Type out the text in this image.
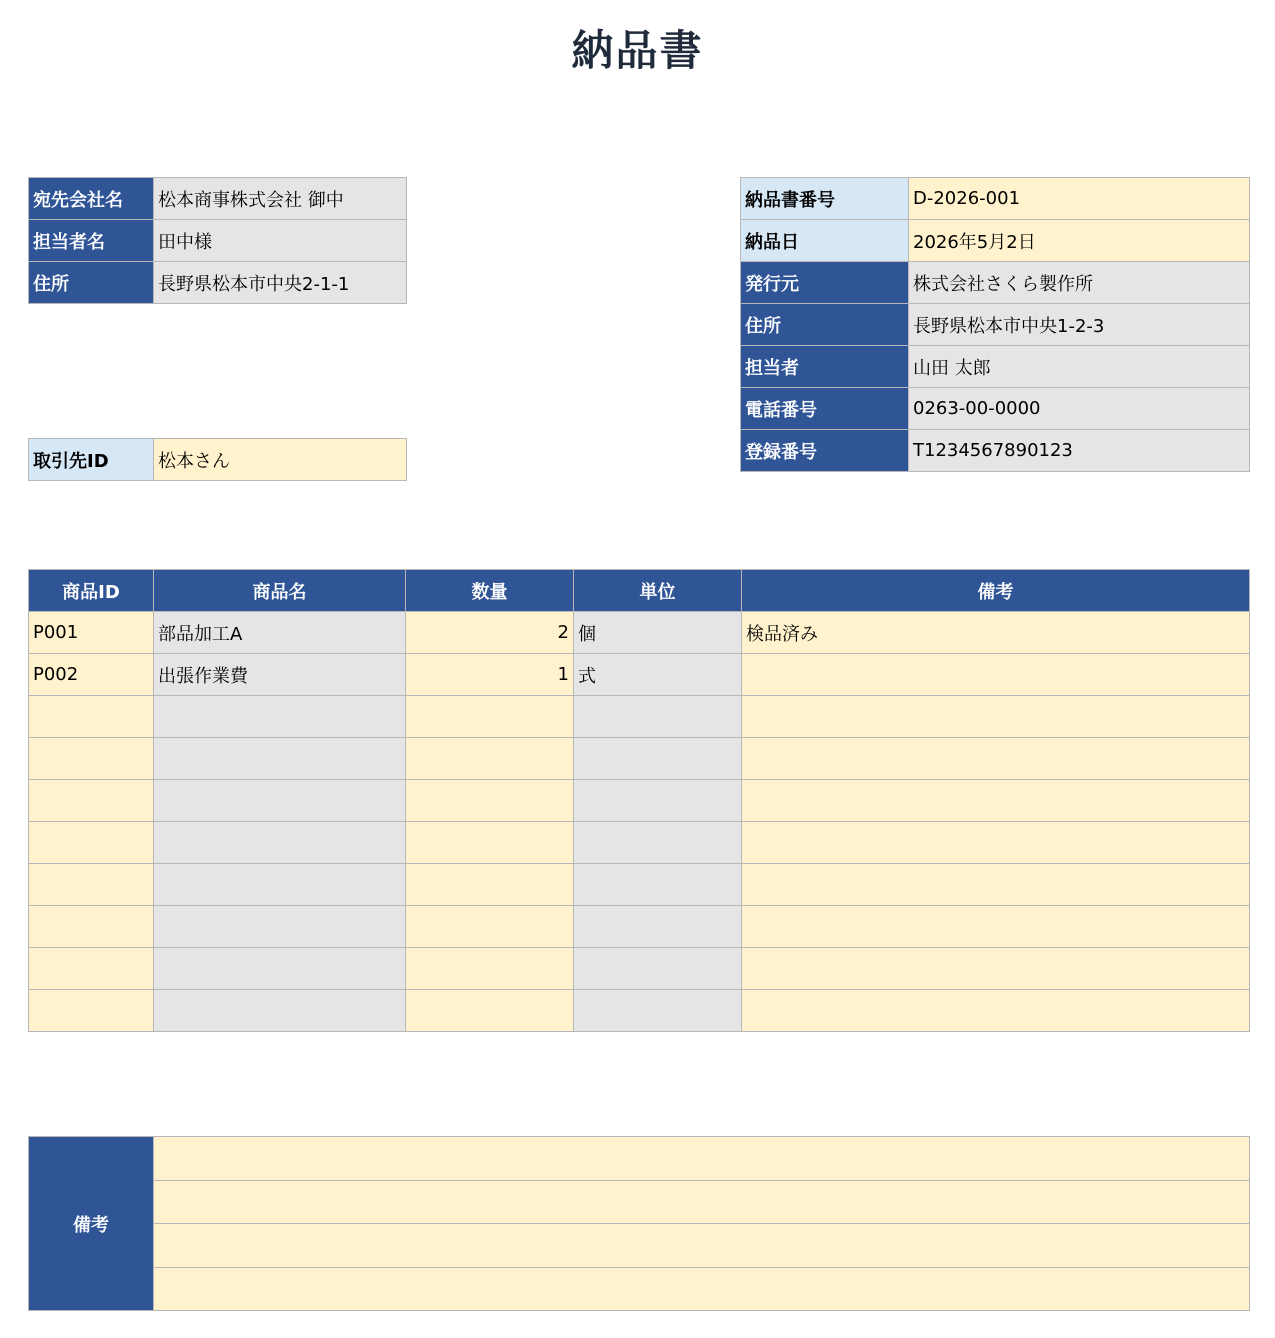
納品書
宛先会社名	松本商事株式会社 御中
担当者名	田中様
住所	長野県松本市中央2-1-1
取引先ID	松本さん
納品書番号	D-2026-001
納品日	2026年5月2日
発行元	株式会社さくら製作所
住所	長野県松本市中央1-2-3
担当者	山田 太郎
電話番号	0263-00-0000
登録番号	T1234567890123
商品ID	商品名	数量	単位	備考
P001	部品加工A	2	個	検品済み
P002	出張作業費	1	式	

備考	
